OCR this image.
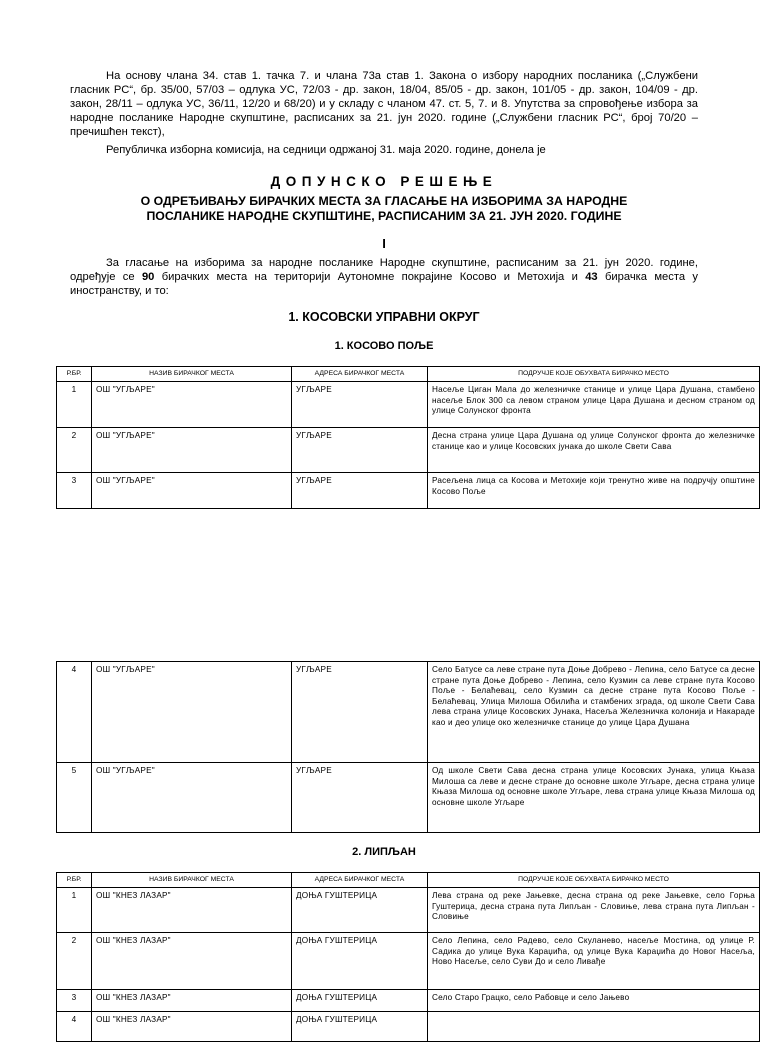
На основу члана 34. став 1. тачка 7. и члана 73а став 1. Закона о избору народних посланика („Службени гласник РС“, бр. 35/00, 57/03 – одлука УС, 72/03 - др. закон, 18/04, 85/05 - др. закон, 101/05 - др. закон, 104/09 - др. закон, 28/11 – одлука УС, 36/11, 12/20 и 68/20) и у складу с чланом 47. ст. 5, 7. и 8. Упутства за спровођење избора за народне посланике Народне скупштине, расписаних за 21. јун 2020. године („Службени гласник РС“, број 70/20 – пречишћен текст),

Републичка изборна комисија, на седници одржаној 31. маја 2020. године, донела је

ДОПУНСКО РЕШЕЊЕ

О ОДРЕЂИВАЊУ БИРАЧКИХ МЕСТА ЗА ГЛАСАЊЕ НА ИЗБОРИМА ЗА НАРОДНЕ

ПОСЛАНИКЕ НАРОДНЕ СКУПШТИНЕ, РАСПИСАНИМ ЗА 21. ЈУН 2020. ГОДИНЕ

I

За гласање на изборима за народне посланике Народне скупштине, расписаним за 21. јун 2020. године, одређује се 90 бирачких места на територији Аутономне покрајине Косово и Метохија и 43 бирачка места у иностранству, и то:

1. КОСОВСКИ УПРАВНИ ОКРУГ

1. КОСОВО ПОЉЕ

Р.БР.	НАЗИВ БИРАЧКОГ МЕСТА	АДРЕСА БИРАЧКОГ МЕСТА	ПОДРУЧЈЕ КОЈЕ ОБУХВАТА БИРАЧКО МЕСТО
1	ОШ "УГЉАРЕ"	УГЉАРЕ	Насеље Циган Мала до железничке станице и улице Цара Душана, стамбено насеље Блок 300 са левом страном улице Цара Душана и десном страном од улице Солунског фронта
2	ОШ "УГЉАРЕ"	УГЉАРЕ	Десна страна улице Цара Душана од улице Солунског фронта до железничке станице као и улице Косовских јунака до школе Свети Сава
3	ОШ "УГЉАРЕ"	УГЉАРЕ	Расељена лица са Косова и Метохије који тренутно живе на подручју општине Косово Поље
4	ОШ "УГЉАРЕ"	УГЉАРЕ	Село Батусе са леве стране пута Доње Добрево - Лепина, село Батусе са десне стране пута Доње Добрево - Лепина, село Кузмин са леве стране пута Косово Поље - Белаћевац, село Кузмин са десне стране пута Косово Поље - Белаћевац, Улица Милоша Обилића и стамбених зграда, од школе Свети Сава лева страна улице Косовских Јунака, Насеља Железничка колонија и Накараде као и део улице око железничке станице до улице Цара Душана
5	ОШ "УГЉАРЕ"	УГЉАРЕ	Од школе Свети Сава десна страна улице Косовских Јунака, улица Књаза Милоша са леве и десне стране до основне школе Угљаре, десна страна улице Књаза Милоша од основне школе Угљаре, лева страна улице Књаза Милоша од основне школе Угљаре

2. ЛИПЉАН

Р.БР.	НАЗИВ БИРАЧКОГ МЕСТА	АДРЕСА БИРАЧКОГ МЕСТА	ПОДРУЧЈЕ КОЈЕ ОБУХВАТА БИРАЧКО МЕСТО
1	ОШ "КНЕЗ ЛАЗАР"	ДОЊА ГУШТЕРИЦА	Лева страна од реке Јањевке, десна страна од реке Јањевке, село Горња Гуштерица, десна страна пута Липљан - Словиње, лева страна пута Липљан - Словиње
2	ОШ "КНЕЗ ЛАЗАР"	ДОЊА ГУШТЕРИЦА	Село Лепина, село Радево, село Скуланево, насеље Мостина, од улице Р. Садика до улице Вука Караџића, од улице Вука Караџића до Новог Насеља, Ново Насеље, село Суви До и село Ливађе
3	ОШ "КНЕЗ ЛАЗАР"	ДОЊА ГУШТЕРИЦА	Село Старо Грацко, село Рабовце и село Јањево
4	ОШ "КНЕЗ ЛАЗАР"	ДОЊА ГУШТЕРИЦА	
